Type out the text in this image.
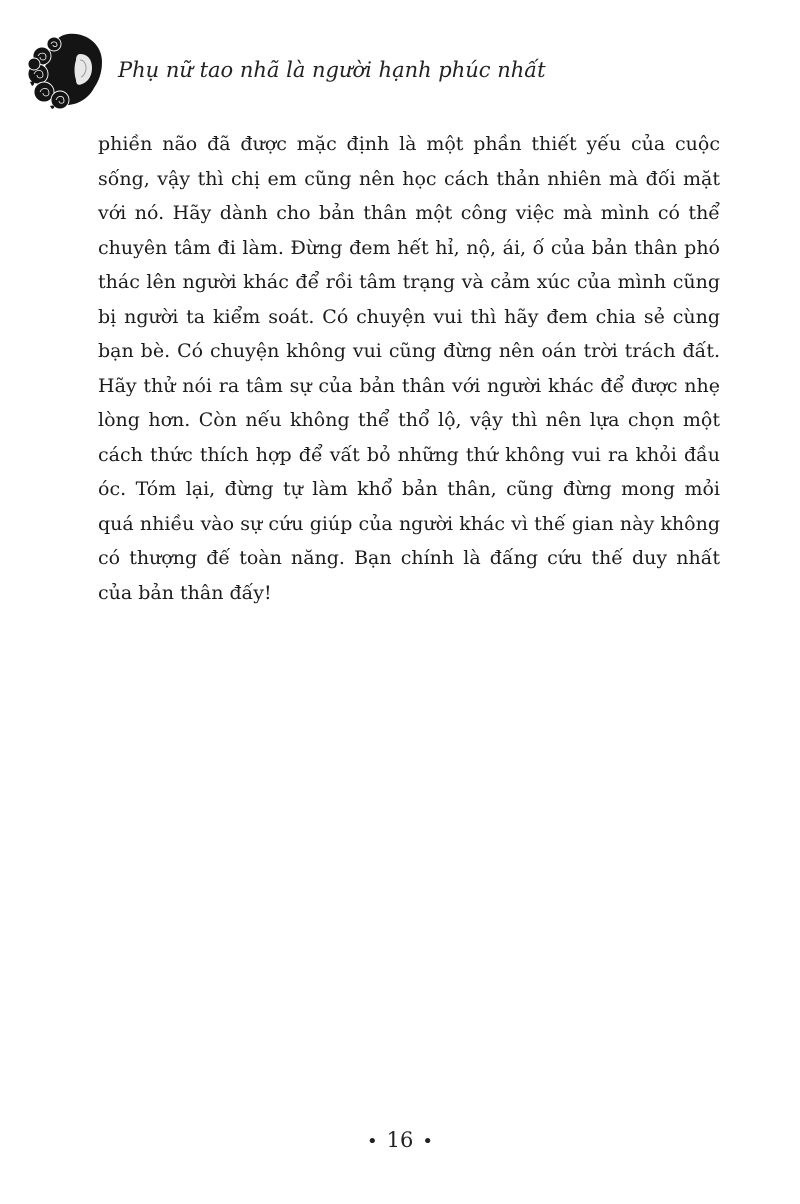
Phụ nữ tao nhã là người hạnh phúc nhất

phiền não đã được mặc định là một phần thiết yếu của cuộc sống, vậy thì chị em cũng nên học cách thản nhiên mà đối mặt với nó. Hãy dành cho bản thân một công việc mà mình có thể chuyên tâm đi làm. Đừng đem hết hỉ, nộ, ái, ố của bản thân phó thác lên người khác để rồi tâm trạng và cảm xúc của mình cũng bị người ta kiểm soát. Có chuyện vui thì hãy đem chia sẻ cùng bạn bè. Có chuyện không vui cũng đừng nên oán trời trách đất. Hãy thử nói ra tâm sự của bản thân với người khác để được nhẹ lòng hơn. Còn nếu không thể thổ lộ, vậy thì nên lựa chọn một cách thức thích hợp để vất bỏ những thứ không vui ra khỏi đầu óc. Tóm lại, đừng tự làm khổ bản thân, cũng đừng mong mỏi quá nhiều vào sự cứu giúp của người khác vì thế gian này không có thượng đế toàn năng. Bạn chính là đấng cứu thế duy nhất của bản thân đấy!

• 16 •
